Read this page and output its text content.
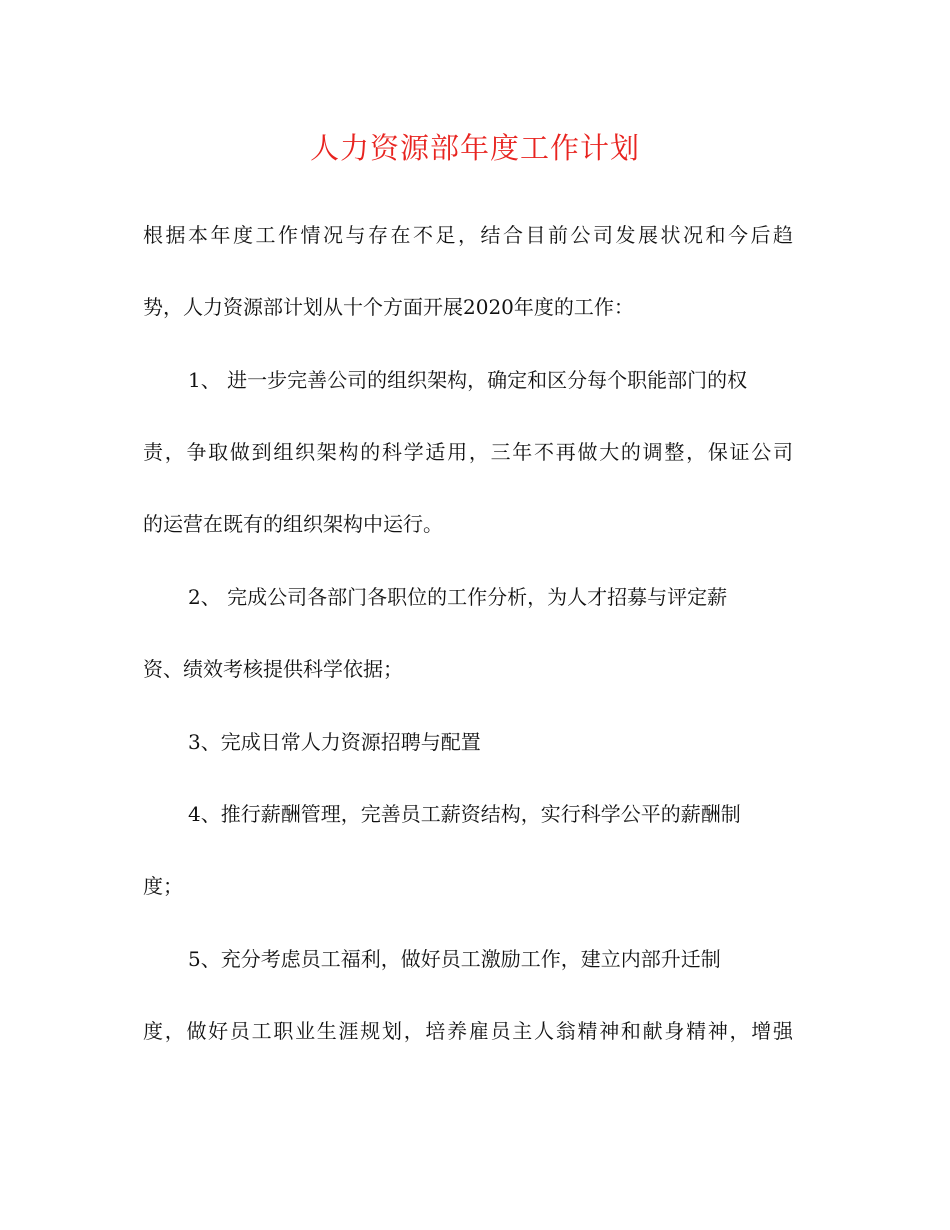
人力资源部年度工作计划
根据本年度工作情况与存在不足，结合目前公司发展状况和今后趋
势，人力资源部计划从十个方面开展2020年度的工作：
1、 进一步完善公司的组织架构，确定和区分每个职能部门的权
责，争取做到组织架构的科学适用，三年不再做大的调整，保证公司
的运营在既有的组织架构中运行。
2、 完成公司各部门各职位的工作分析，为人才招募与评定薪
资、绩效考核提供科学依据；
3、完成日常人力资源招聘与配置
4、推行薪酬管理，完善员工薪资结构，实行科学公平的薪酬制
度；
5、充分考虑员工福利，做好员工激励工作，建立内部升迁制
度，做好员工职业生涯规划，培养雇员主人翁精神和献身精神，增强
